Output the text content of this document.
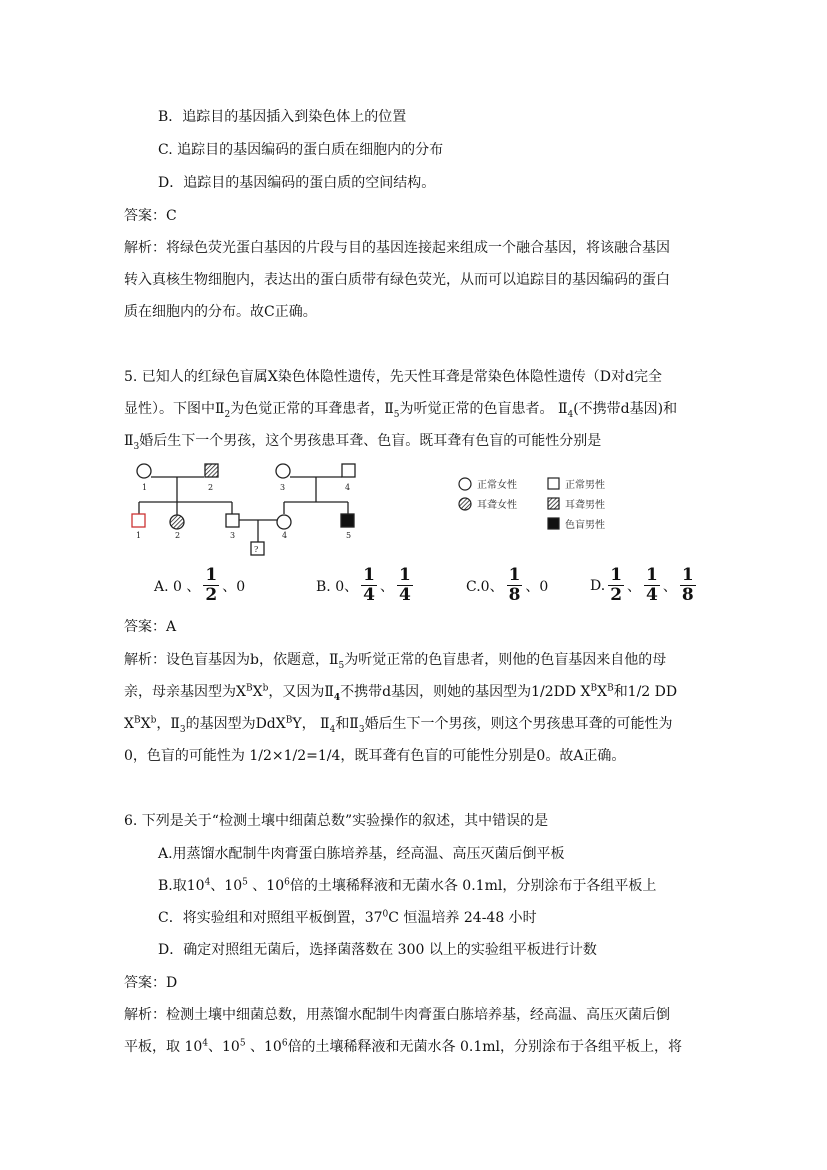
B．追踪目的基因插入到染色体上的位置
C. 追踪目的基因编码的蛋白质在细胞内的分布
D．追踪目的基因编码的蛋白质的空间结构。
答案：C
解析：将绿色荧光蛋白基因的片段与目的基因连接起来组成一个融合基因，将该融合基因
转入真核生物细胞内，表达出的蛋白质带有绿色荧光，从而可以追踪目的基因编码的蛋白
质在细胞内的分布。故C正确。
5. 已知人的红绿色盲属X染色体隐性遗传，先天性耳聋是常染色体隐性遗传（D对d完全
显性）。下图中$Ⅱ_2$为色觉正常的耳聋患者，$Ⅱ_5$为听觉正常的色盲患者。 $Ⅱ_4$(不携带d基因)和
$Ⅱ_3$婚后生下一个男孩，这个男孩患耳聋、色盲。既耳聋有色盲的可能性分别是
1	2	3	4
1	2	3	4	5
?
正常女性
耳聋女性
正常男性
耳聋男性
色盲男性
A. 0 、 $\frac{1}{2}$ 、0	B. 0、 $\frac{1}{4}$ 、 $\frac{1}{4}$	C.0、 $\frac{1}{8}$ 、0	D. $\frac{1}{2}$ 、 $\frac{1}{4}$ 、 $\frac{1}{8}$
答案：A
解析：设色盲基因为b，依题意，$Ⅱ_5$为听觉正常的色盲患者，则他的色盲基因来自他的母
亲，母亲基因型为$X^BX^b$，又因为$Ⅱ_4$不携带d基因，则她的基因型为1/2DD $X^BX^B$和1/2 DD
$X^BX^b$，$Ⅱ_3$的基因型为DdX$^B$Y， $Ⅱ_4$和$Ⅱ_3$婚后生下一个男孩，则这个男孩患耳聋的可能性为
0，色盲的可能性为 1/2×1/2=1/4，既耳聋有色盲的可能性分别是0。故A正确。
6. 下列是关于“检测土壤中细菌总数”实验操作的叙述，其中错误的是
A.用蒸馏水配制牛肉膏蛋白胨培养基，经高温、高压灭菌后倒平板
B.取$10^4$、$10^5$ 、$10^6$倍的土壤稀释液和无菌水各 0.1ml，分别涂布于各组平板上
C．将实验组和对照组平板倒置，$37^0C$ 恒温培养 24-48 小时
D．确定对照组无菌后，选择菌落数在 300 以上的实验组平板进行计数
答案：D
解析：检测土壤中细菌总数，用蒸馏水配制牛肉膏蛋白胨培养基，经高温、高压灭菌后倒
平板，取 $10^4$、$10^5$ 、$10^6$倍的土壤稀释液和无菌水各 0.1ml，分别涂布于各组平板上，将
